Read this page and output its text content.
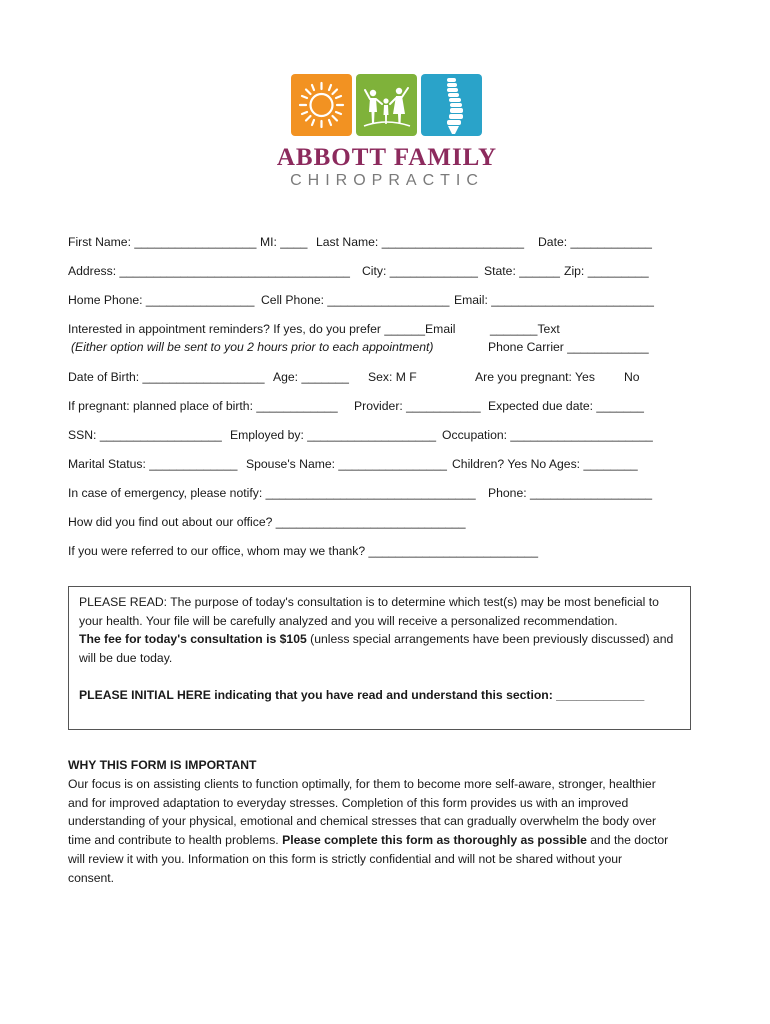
ABBOTT FAMILY
CHIROPRACTIC
First Name: __________________ MI: ____ Last Name: _____________________ Date: ____________
Address: __________________________________ City: _____________ State: ______ Zip: _________
Home Phone: ________________ Cell Phone: __________________ Email: ________________________
Interested in appointment reminders? If yes, do you prefer ______Email	_______Text
(Either option will be sent to you 2 hours prior to each appointment)	Phone Carrier ____________
Date of Birth: __________________ Age: _______ Sex: M F	Are you pregnant: Yes No
If pregnant: planned place of birth: ____________ Provider: ___________ Expected due date: _______
SSN: __________________ Employed by: ___________________ Occupation: _____________________
Marital Status: _____________ Spouse's Name: ________________ Children? Yes No Ages: ________
In case of emergency, please notify: _______________________________ Phone: __________________
How did you find out about our office? ____________________________
If you were referred to our office, whom may we thank? _________________________
PLEASE READ: The purpose of today's consultation is to determine which test(s) may be most beneficial to
your health. Your file will be carefully analyzed and you will receive a personalized recommendation.
The fee for today's consultation is $105 (unless special arrangements have been previously discussed) and
will be due today.
PLEASE INITIAL HERE indicating that you have read and understand this section: _____________
WHY THIS FORM IS IMPORTANT
Our focus is on assisting clients to function optimally, for them to become more self-aware, stronger, healthier
and for improved adaptation to everyday stresses. Completion of this form provides us with an improved
understanding of your physical, emotional and chemical stresses that can gradually overwhelm the body over
time and contribute to health problems. Please complete this form as thoroughly as possible and the doctor
will review it with you. Information on this form is strictly confidential and will not be shared without your
consent.
